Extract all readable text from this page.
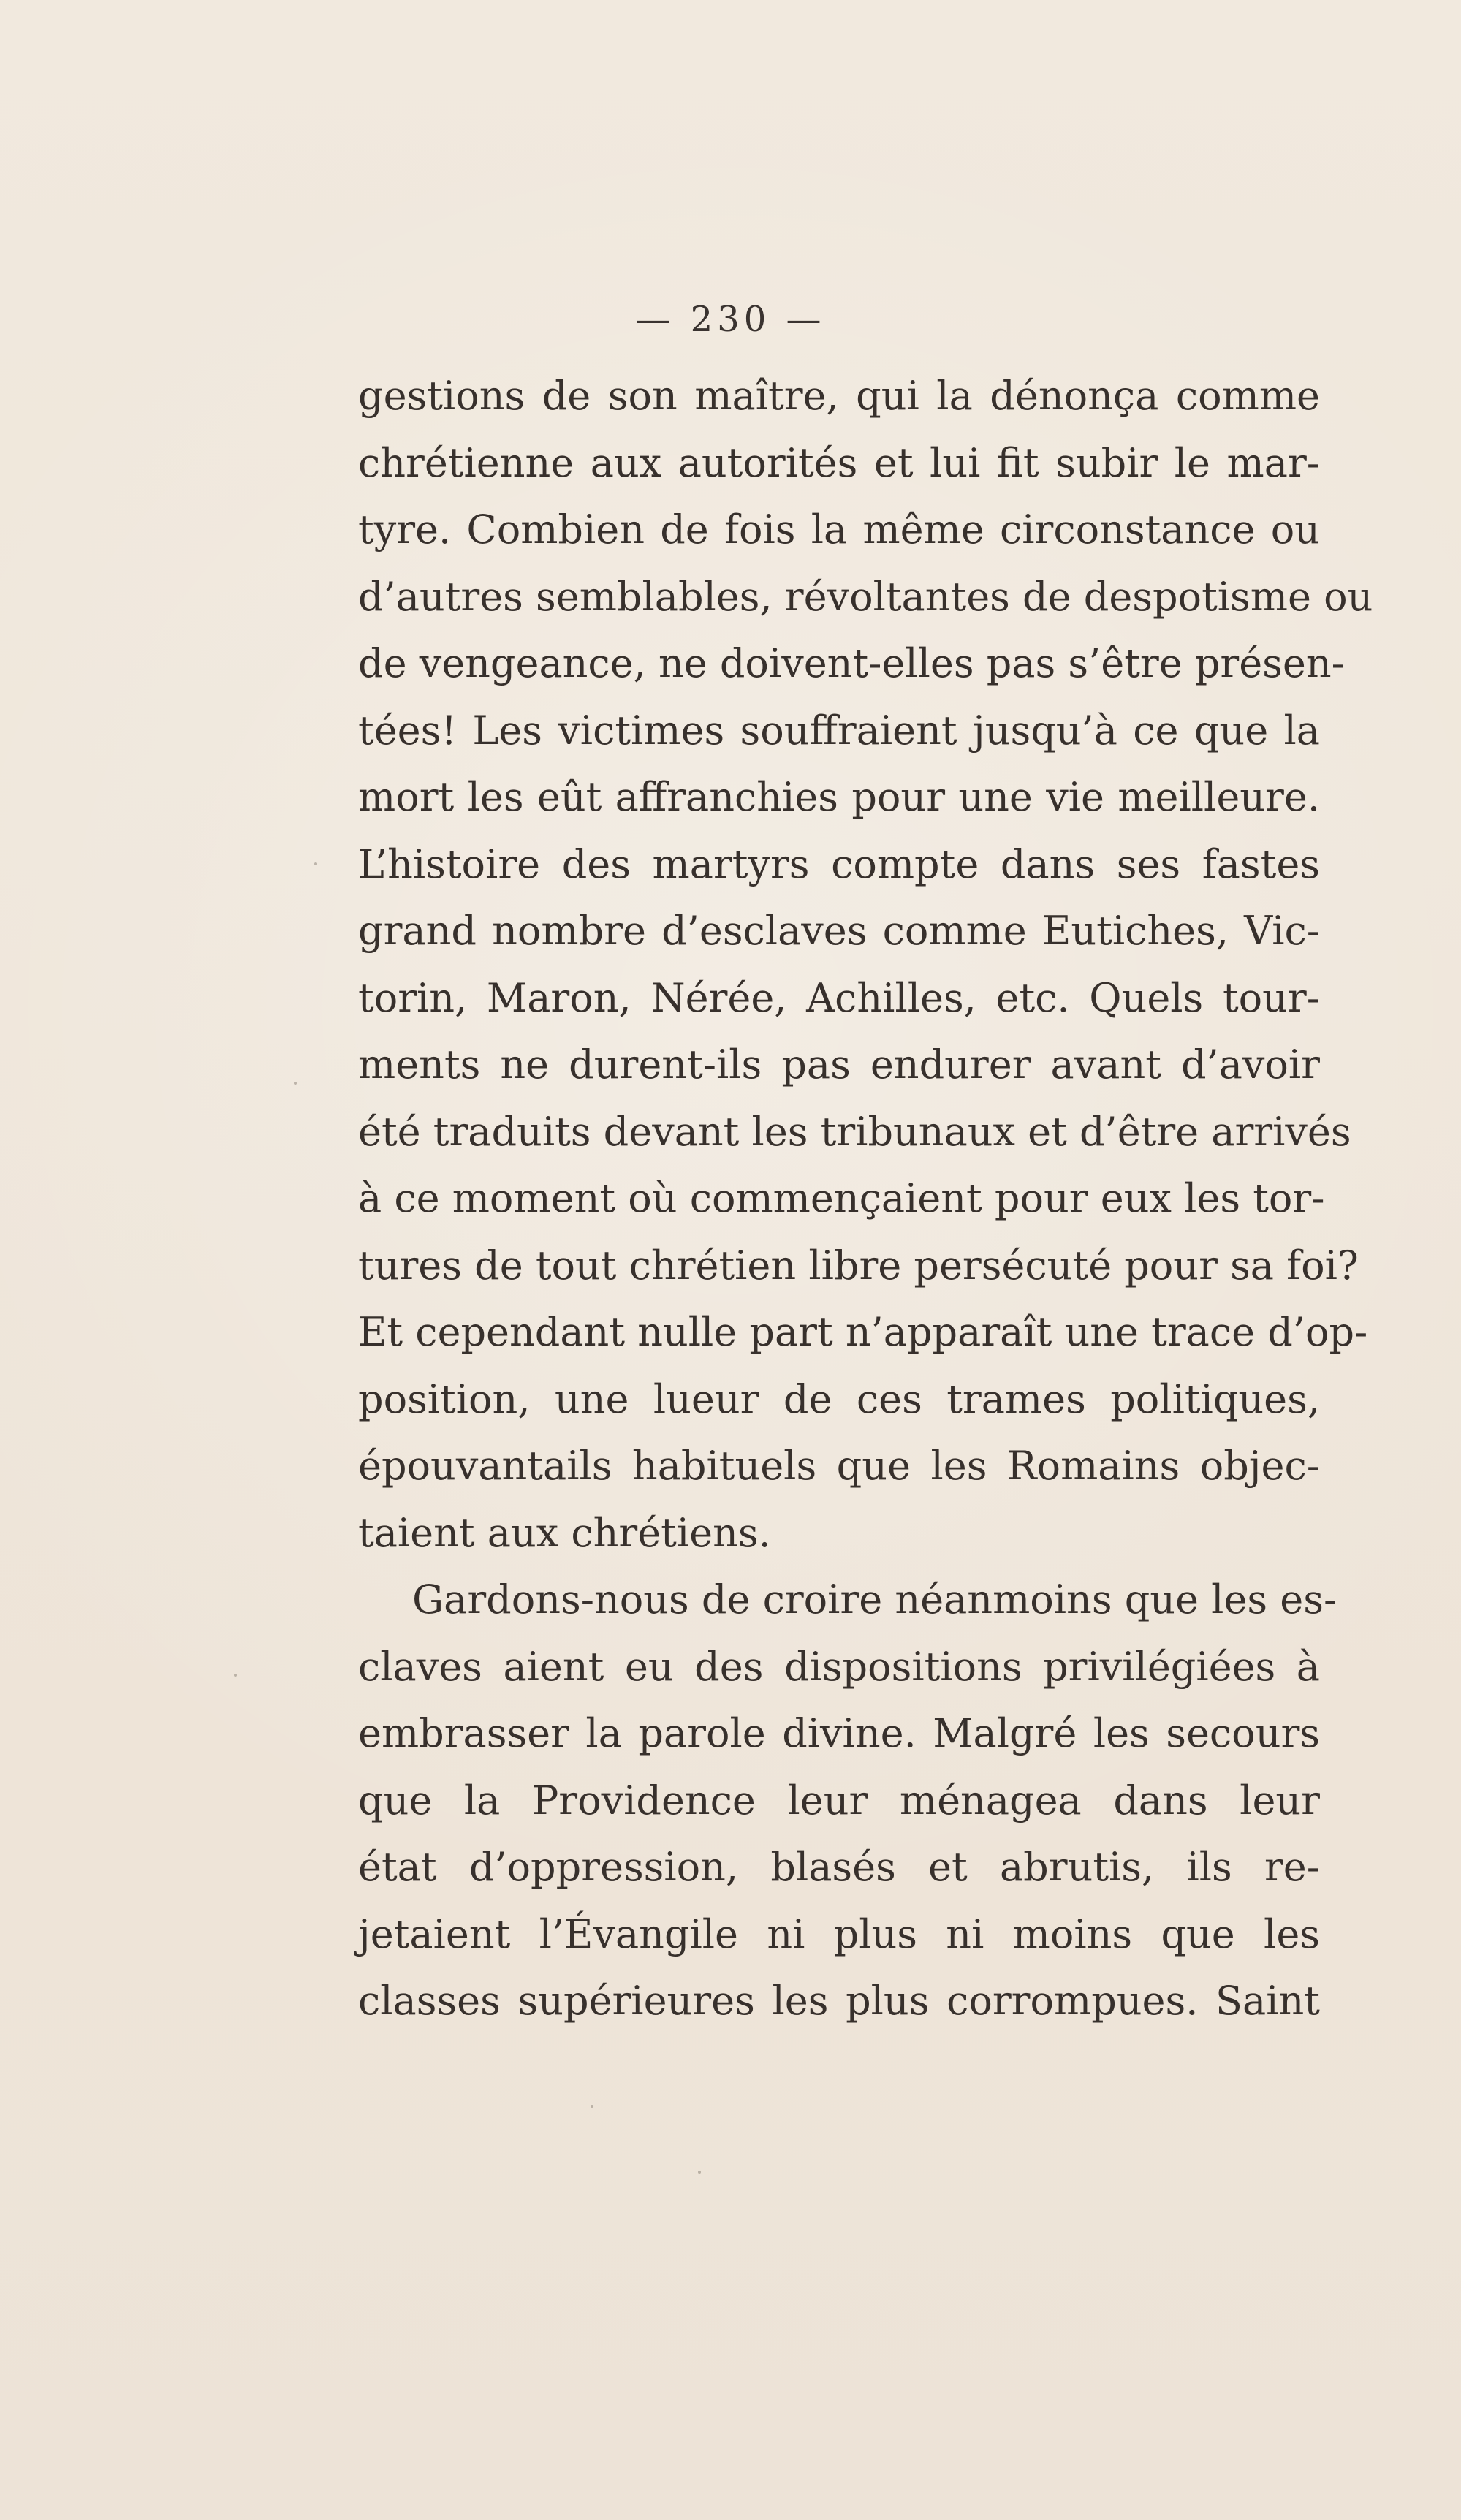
— 230 —
gestions de son maître, qui la dénonça comme
chrétienne aux autorités et lui fit subir le mar-
tyre. Combien de fois la même circonstance ou
d’autres semblables, révoltantes de despotisme ou
de vengeance, ne doivent-elles pas s’être présen-
tées! Les victimes souffraient jusqu’à ce que la
mort les eût affranchies pour une vie meilleure.
L’histoire des martyrs compte dans ses fastes
grand nombre d’esclaves comme Eutiches, Vic-
torin, Maron, Nérée, Achilles, etc. Quels tour-
ments ne durent-ils pas endurer avant d’avoir
été traduits devant les tribunaux et d’être arrivés
à ce moment où commençaient pour eux les tor-
tures de tout chrétien libre persécuté pour sa foi?
Et cependant nulle part n’apparaît une trace d’op-
position, une lueur de ces trames politiques,
épouvantails habituels que les Romains objec-
taient aux chrétiens.
Gardons-nous de croire néanmoins que les es-
claves aient eu des dispositions privilégiées à
embrasser la parole divine. Malgré les secours
que la Providence leur ménagea dans leur
état d’oppression, blasés et abrutis, ils re-
jetaient l’Évangile ni plus ni moins que les
classes supérieures les plus corrompues. Saint
